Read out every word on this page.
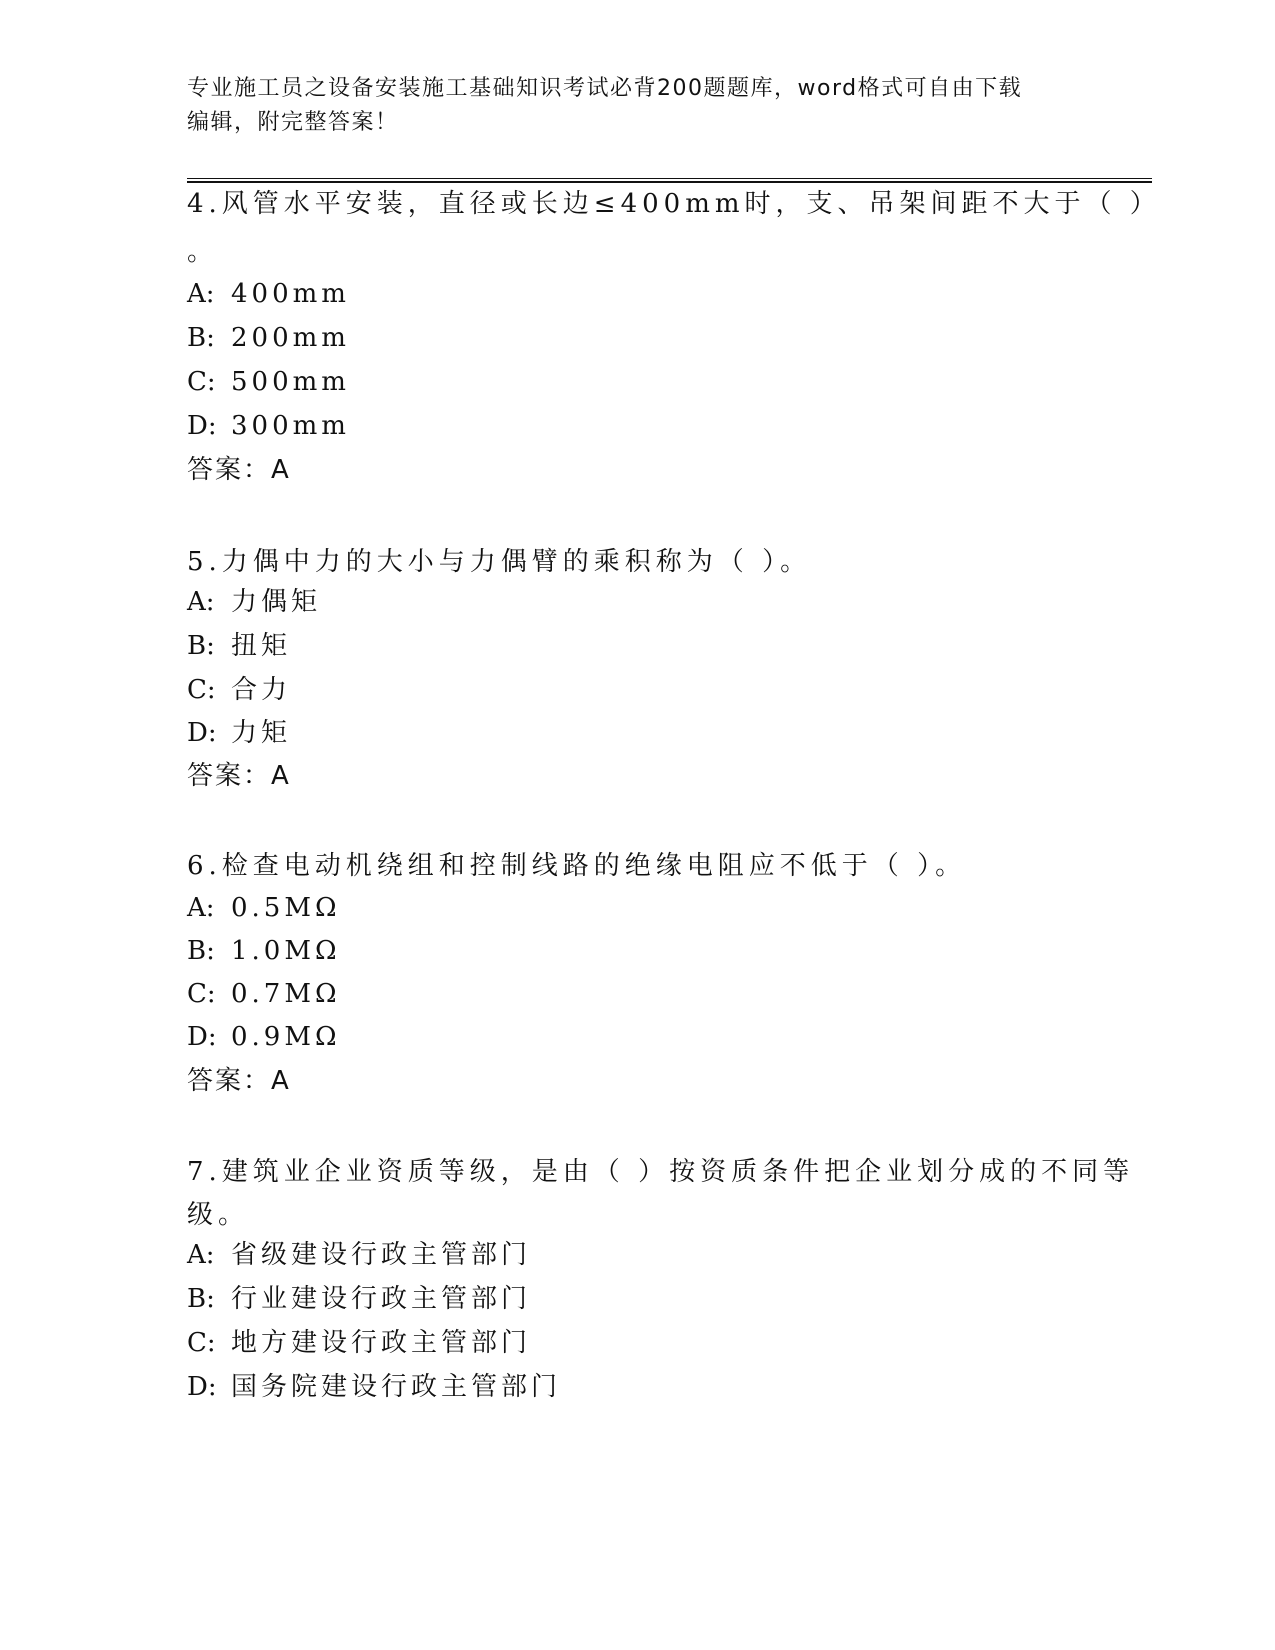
专业施工员之设备安装施工基础知识考试必背200题题库，word格式可自由下载
编辑，附完整答案！
4.风管水平安装，直径或长边≤400mm时，支、吊架间距不大于（ ）
。
A: 400mm
B: 200mm
C: 500mm
D: 300mm
答案：A
5.力偶中力的大小与力偶臂的乘积称为（ ）。
A: 力偶矩
B: 扭矩
C: 合力
D: 力矩
答案：A
6.检查电动机绕组和控制线路的绝缘电阻应不低于（ ）。
A: 0.5MΩ
B: 1.0MΩ
C: 0.7MΩ
D: 0.9MΩ
答案：A
7.建筑业企业资质等级，是由（ ）按资质条件把企业划分成的不同等
级。
A: 省级建设行政主管部门
B: 行业建设行政主管部门
C: 地方建设行政主管部门
D: 国务院建设行政主管部门
